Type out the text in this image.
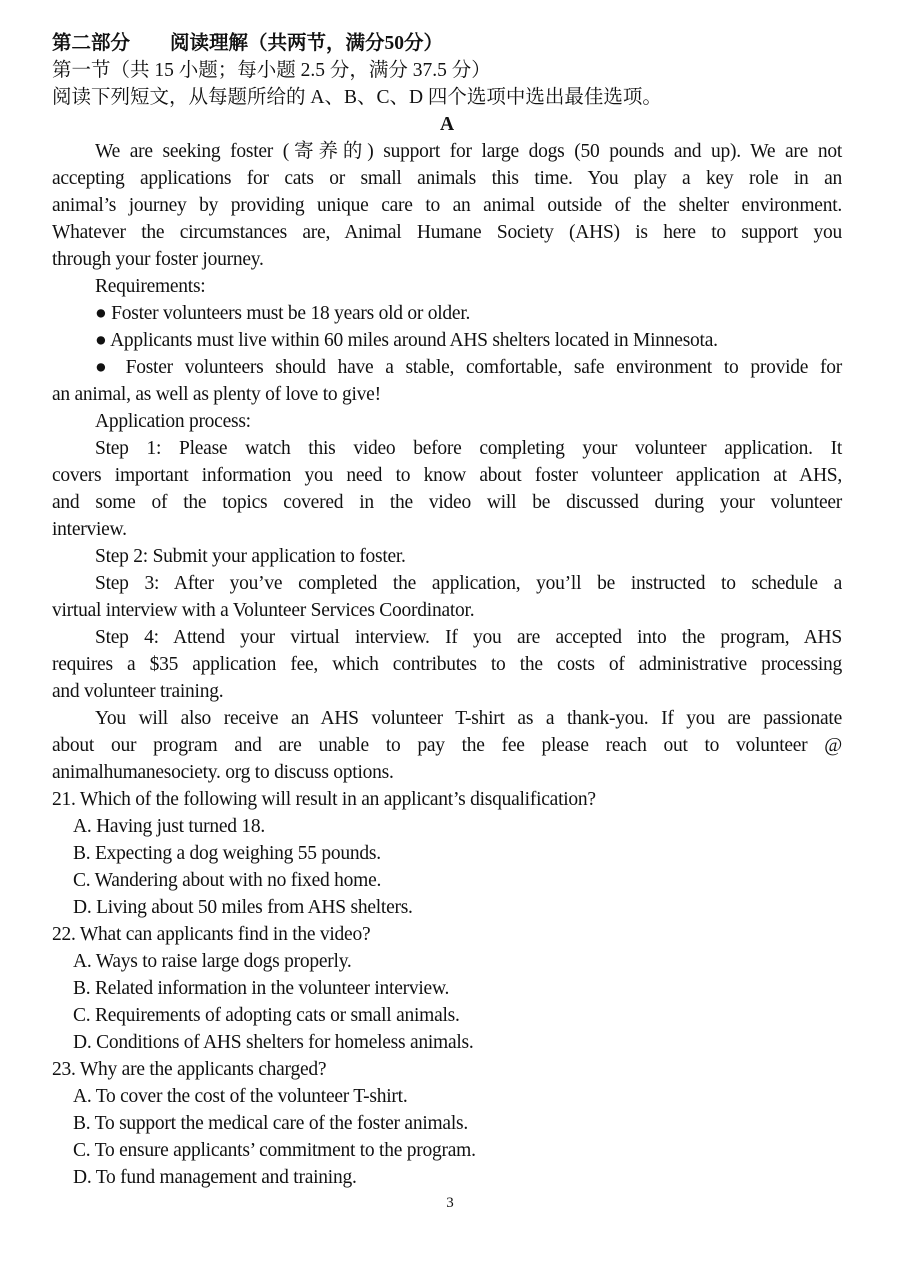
第二部分 阅读理解（共两节，满分50分）
第一节（共 15 小题；每小题 2.5 分，满分 37.5 分）
阅读下列短文，从每题所给的 A、B、C、D 四个选项中选出最佳选项。
A
We are seeking foster (寄养的) support for large dogs (50 pounds and up). We are not
accepting applications for cats or small animals this time. You play a key role in an
animal’s journey by providing unique care to an animal outside of the shelter environment.
Whatever the circumstances are, Animal Humane Society (AHS) is here to support you
through your foster journey.
Requirements:
● Foster volunteers must be 18 years old or older.
● Applicants must live within 60 miles around AHS shelters located in Minnesota.
● Foster volunteers should have a stable, comfortable, safe environment to provide for
an animal, as well as plenty of love to give!
Application process:
Step 1: Please watch this video before completing your volunteer application. It
covers important information you need to know about foster volunteer application at AHS,
and some of the topics covered in the video will be discussed during your volunteer
interview.
Step 2: Submit your application to foster.
Step 3: After you’ve completed the application, you’ll be instructed to schedule a
virtual interview with a Volunteer Services Coordinator.
Step 4: Attend your virtual interview. If you are accepted into the program, AHS
requires a $35 application fee, which contributes to the costs of administrative processing
and volunteer training.
You will also receive an AHS volunteer T-shirt as a thank-you. If you are passionate
about our program and are unable to pay the fee please reach out to volunteer @
animalhumanesociety. org to discuss options.
21. Which of the following will result in an applicant’s disqualification?
A. Having just turned 18.
B. Expecting a dog weighing 55 pounds.
C. Wandering about with no fixed home.
D. Living about 50 miles from AHS shelters.
22. What can applicants find in the video?
A. Ways to raise large dogs properly.
B. Related information in the volunteer interview.
C. Requirements of adopting cats or small animals.
D. Conditions of AHS shelters for homeless animals.
23. Why are the applicants charged?
A. To cover the cost of the volunteer T-shirt.
B. To support the medical care of the foster animals.
C. To ensure applicants’ commitment to the program.
D. To fund management and training.
3
